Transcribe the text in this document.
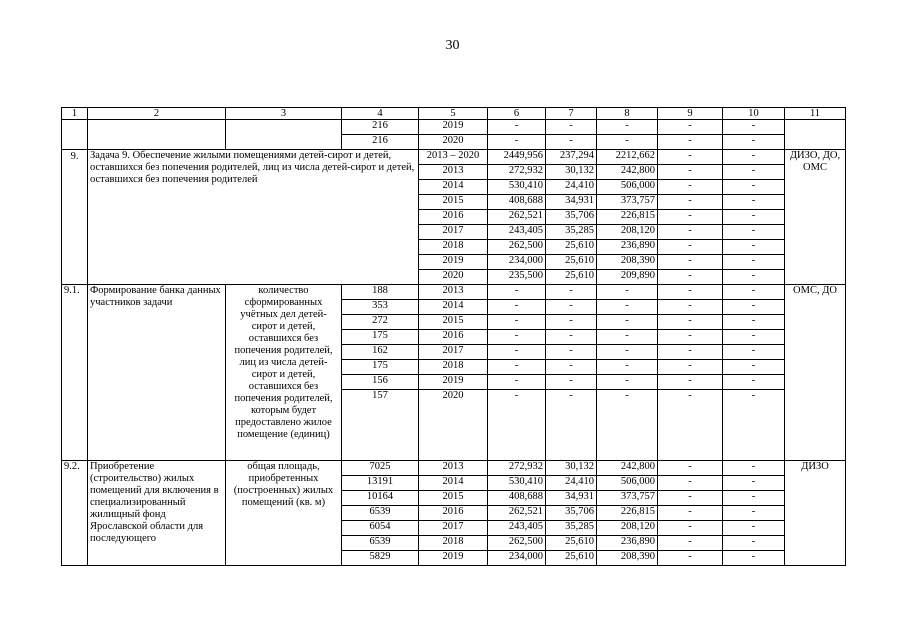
30
1	2	3	4	5	6	7	8	9	10	11
			216	2019	-	-	-	-	-	
			216	2020	-	-	-	-	-	
9.	Задача 9. Обеспечение жилыми помещениями детей-сирот и детей, оставшихся без попечения родителей, лиц из числа детей-сирот и детей, оставшихся без попечения родителей			2013 – 2020	2449,956	237,294	2212,662	-	-	ДИЗО, ДО, ОМС
				2013	272,932	30,132	242,800	-	-	
				2014	530,410	24,410	506,000	-	-	
				2015	408,688	34,931	373,757	-	-	
				2016	262,521	35,706	226,815	-	-	
				2017	243,405	35,285	208,120	-	-	
				2018	262,500	25,610	236,890	-	-	
				2019	234,000	25,610	208,390	-	-	
				2020	235,500	25,610	209,890	-	-	
9.1.	Формирование банка данных участников задачи	количество сформированных учётных дел детей-сирот и детей, оставшихся без попечения родителей, лиц из числа детей-сирот и детей, оставшихся без попечения родителей, которым будет предоставлено жилое помещение (единиц)	188	2013	-	-	-	-	-	ОМС, ДО
			353	2014	-	-	-	-	-	
			272	2015	-	-	-	-	-	
			175	2016	-	-	-	-	-	
			162	2017	-	-	-	-	-	
			175	2018	-	-	-	-	-	
			156	2019	-	-	-	-	-	
			157	2020	-	-	-	-	-	
9.2.	Приобретение (строительство) жилых помещений для включения в специализированный жилищный фонд Ярославской области для последующего	общая площадь, приобретенных (построенных) жилых помещений (кв. м)	7025	2013	272,932	30,132	242,800	-	-	ДИЗО
			13191	2014	530,410	24,410	506,000	-	-	
			10164	2015	408,688	34,931	373,757	-	-	
			6539	2016	262,521	35,706	226,815	-	-	
			6054	2017	243,405	35,285	208,120	-	-	
			6539	2018	262,500	25,610	236,890	-	-	
			5829	2019	234,000	25,610	208,390	-	-	
